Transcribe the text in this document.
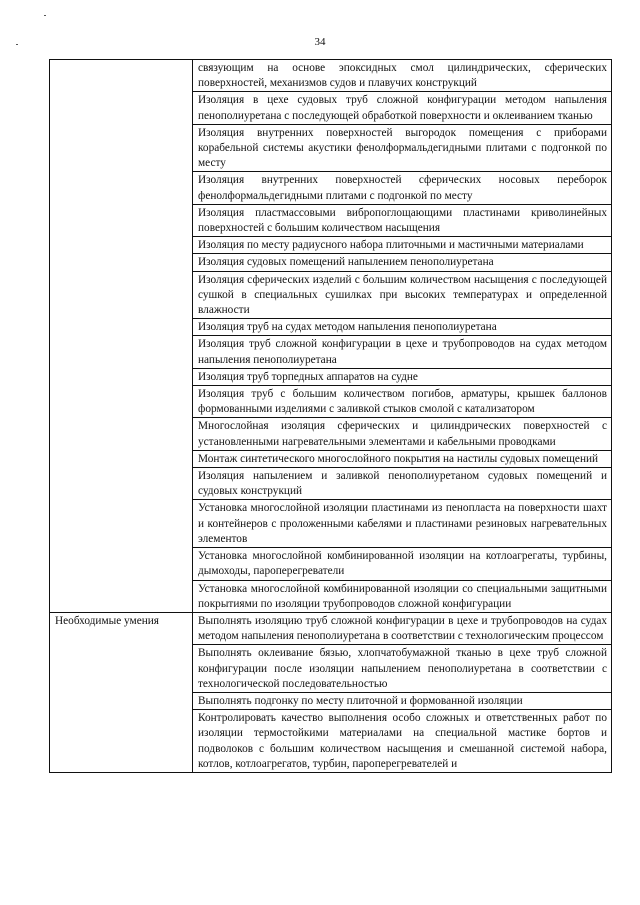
34
	связующим на основе эпоксидных смол цилиндрических, сферических поверхностей, механизмов судов и плавучих конструкций
	Изоляция в цехе судовых труб сложной конфигурации методом напыления пенополиуретана с последующей обработкой поверхности и оклеиванием тканью
	Изоляция внутренних поверхностей выгородок помещения с приборами корабельной системы акустики фенолформальдегидными плитами с подгонкой по месту
	Изоляция внутренних поверхностей сферических носовых переборок фенолформальдегидными плитами с подгонкой по месту
	Изоляция пластмассовыми вибропоглощающими пластинами криволинейных поверхностей с большим количеством насыщения
	Изоляция по месту радиусного набора плиточными и мастичными материалами
	Изоляция судовых помещений напылением пенополиуретана
	Изоляция сферических изделий с большим количеством насыщения с последующей сушкой в специальных сушилках при высоких температурах и определенной влажности
	Изоляция труб на судах методом напыления пенополиуретана
	Изоляция труб сложной конфигурации в цехе и трубопроводов на судах методом напыления пенополиуретана
	Изоляция труб торпедных аппаратов на судне
	Изоляция труб с большим количеством погибов, арматуры, крышек баллонов формованными изделиями с заливкой стыков смолой с катализатором
	Многослойная изоляция сферических и цилиндрических поверхностей с установленными нагревательными элементами и кабельными проводками
	Монтаж синтетического многослойного покрытия на настилы судовых помещений
	Изоляция напылением и заливкой пенополиуретаном судовых помещений и судовых конструкций
	Установка многослойной изоляции пластинами из пенопласта на поверхности шахт и контейнеров с проложенными кабелями и пластинами резиновых нагревательных элементов
	Установка многослойной комбинированной изоляции на котлоагрегаты, турбины, дымоходы, пароперегреватели
	Установка многослойной комбинированной изоляции со специальными защитными покрытиями по изоляции трубопроводов сложной конфигурации
Необходимые умения	Выполнять изоляцию труб сложной конфигурации в цехе и трубопроводов на судах методом напыления пенополиуретана в соответствии с технологическим процессом
	Выполнять оклеивание бязью, хлопчатобумажной тканью в цехе труб сложной конфигурации после изоляции напылением пенополиуретана в соответствии с технологической последовательностью
	Выполнять подгонку по месту плиточной и формованной изоляции
	Контролировать качество выполнения особо сложных и ответственных работ по изоляции термостойкими материалами на специальной мастике бортов и подволоков с большим количеством насыщения и смешанной системой набора, котлов, котлоагрегатов, турбин, пароперегревателей и
